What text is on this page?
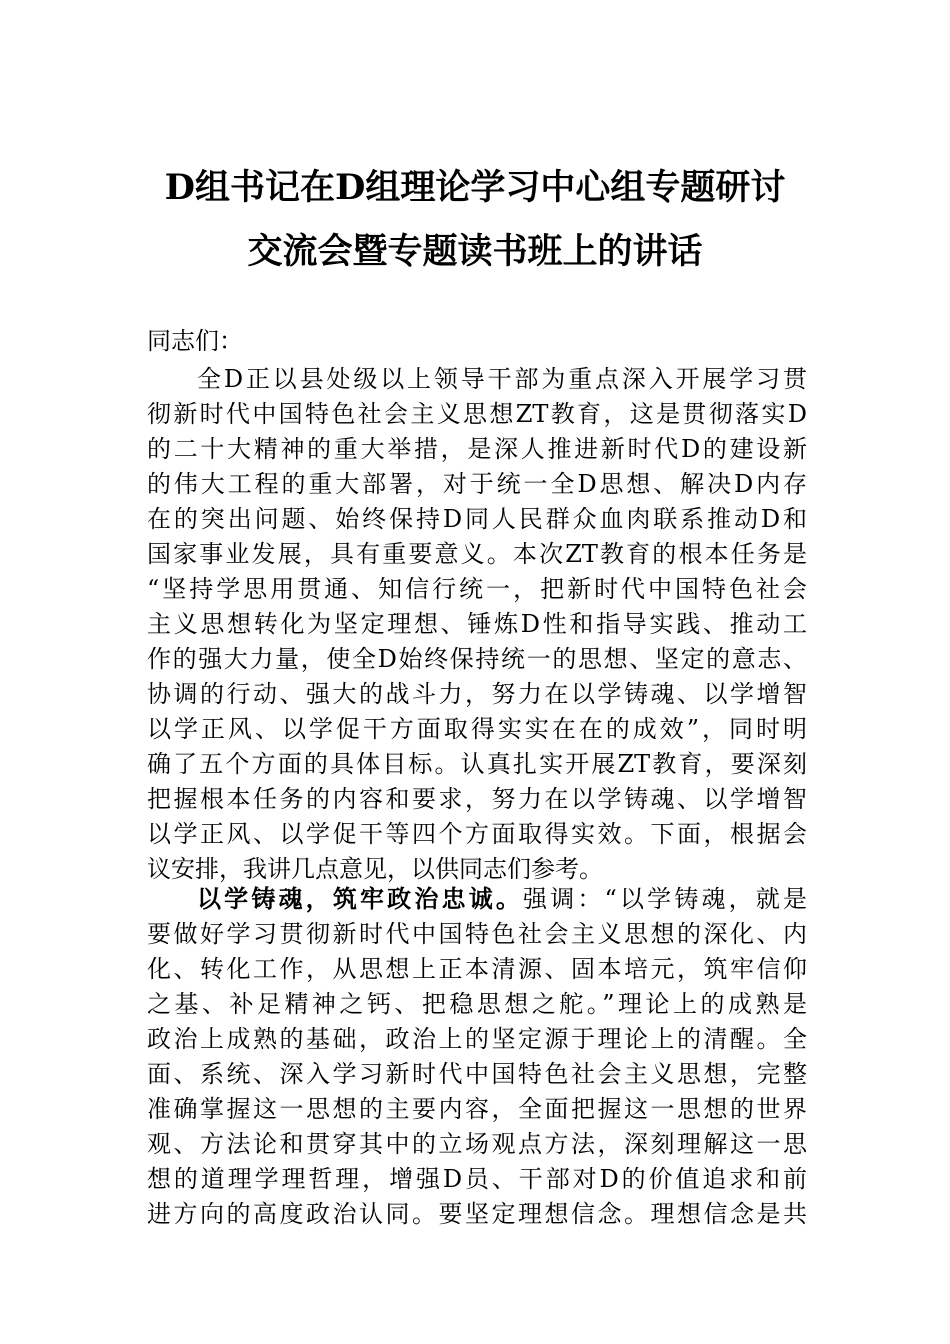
D组书记在D组理论学习中心组专题研讨
交流会暨专题读书班上的讲话
同志们：
全D正以县处级以上领导干部为重点深入开展学习贯
彻新时代中国特色社会主义思想ZT教育，这是贯彻落实D
的二十大精神的重大举措，是深人推进新时代D的建设新
的伟大工程的重大部署，对于统一全D思想、解决D内存
在的突出问题、始终保持D同人民群众血肉联系推动D和
国家事业发展，具有重要意义。本次ZT教育的根本任务是
“坚持学思用贯通、知信行统一，把新时代中国特色社会
主义思想转化为坚定理想、锤炼D性和指导实践、推动工
作的强大力量，使全D始终保持统一的思想、坚定的意志、
协调的行动、强大的战斗力，努力在以学铸魂、以学增智
以学正风、以学促干方面取得实实在在的成效”，同时明
确了五个方面的具体目标。认真扎实开展ZT教育，要深刻
把握根本任务的内容和要求，努力在以学铸魂、以学增智
以学正风、以学促干等四个方面取得实效。下面，根据会
议安排，我讲几点意见，以供同志们参考。
以学铸魂，筑牢政治忠诚。强调：“以学铸魂，就是
要做好学习贯彻新时代中国特色社会主义思想的深化、内
化、转化工作，从思想上正本清源、固本培元，筑牢信仰
之基、补足精神之钙、把稳思想之舵。”理论上的成熟是
政治上成熟的基础，政治上的坚定源于理论上的清醒。全
面、系统、深入学习新时代中国特色社会主义思想，完整
准确掌握这一思想的主要内容，全面把握这一思想的世界
观、方法论和贯穿其中的立场观点方法，深刻理解这一思
想的道理学理哲理，增强D员、干部对D的价值追求和前
进方向的高度政治认同。要坚定理想信念。理想信念是共
